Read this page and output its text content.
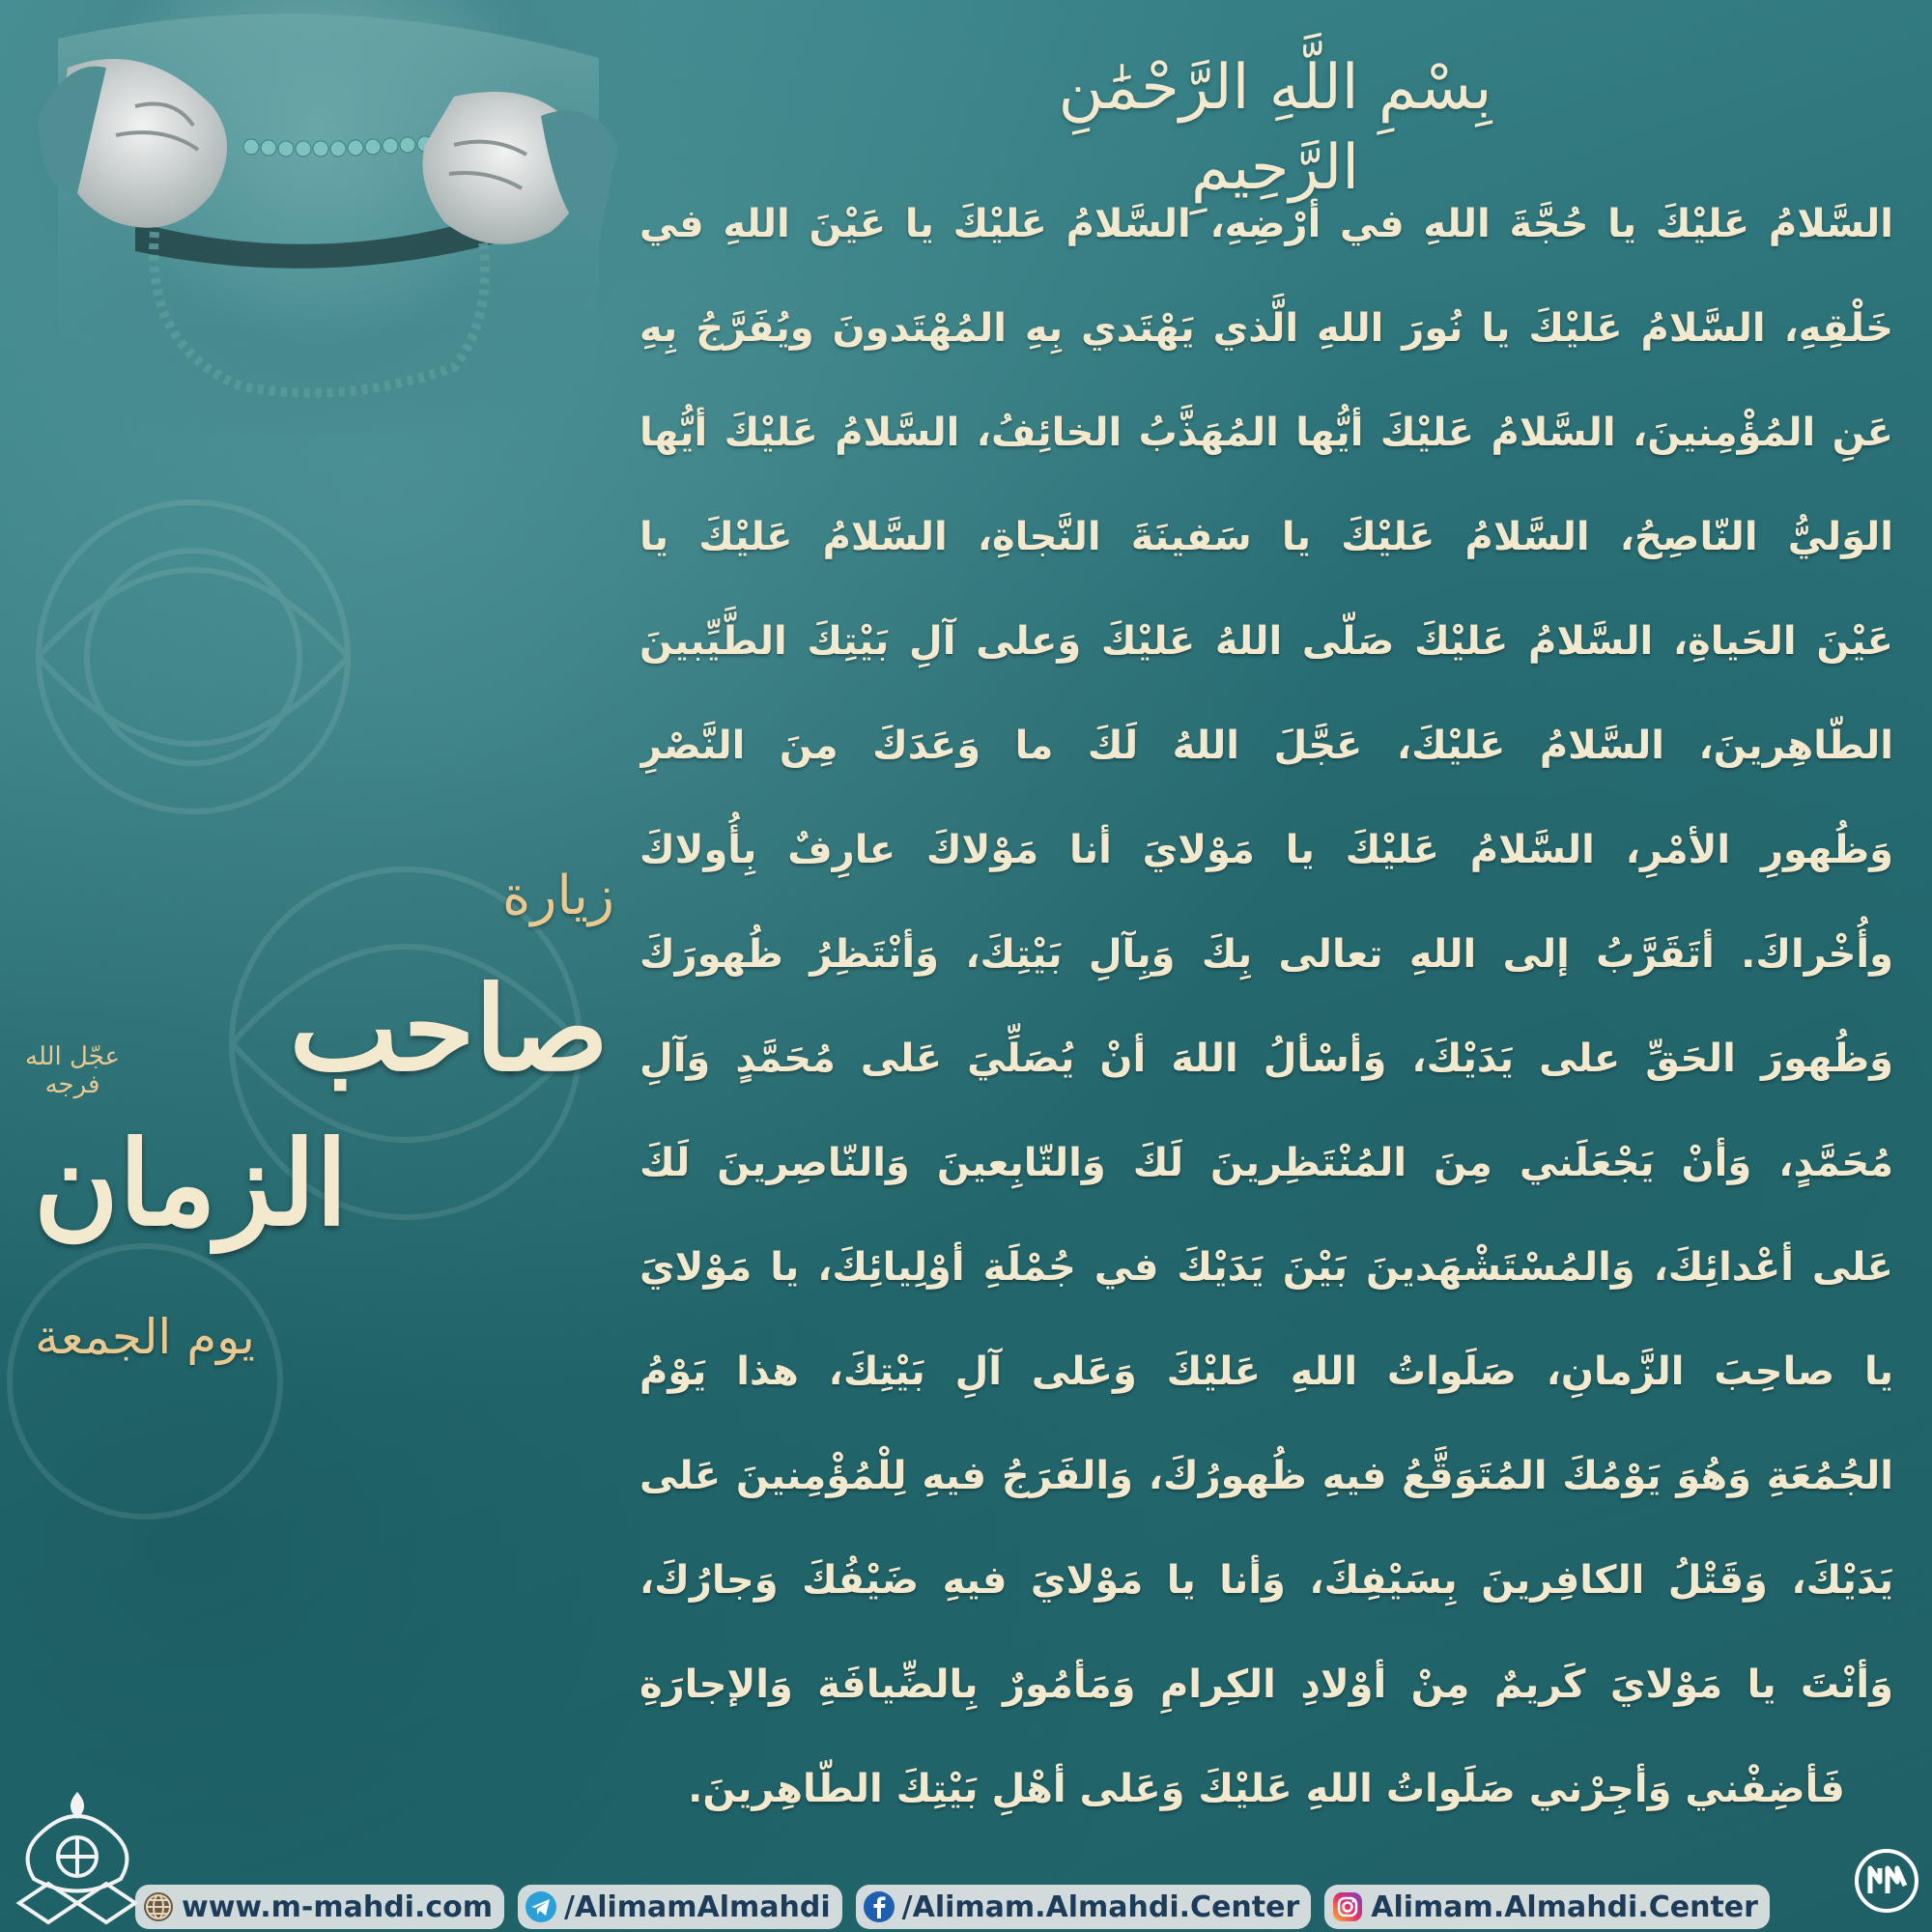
بِسْمِ اللَّهِ الرَّحْمَٰنِ الرَّحِيمِ
السَّلامُ عَليْكَ يا حُجَّةَ اللهِ في أرْضِهِ، السَّلامُ عَليْكَ يا عَيْنَ اللهِ في
خَلْقِهِ، السَّلامُ عَليْكَ يا نُورَ اللهِ الَّذي يَهْتَدي بِهِ المُهْتَدونَ ويُفَرَّجُ بِهِ
عَنِ المُؤْمِنينَ، السَّلامُ عَليْكَ أيُّها المُهَذَّبُ الخائِفُ، السَّلامُ عَليْكَ أيُّها
الوَليُّ النّاصِحُ، السَّلامُ عَليْكَ يا سَفينَةَ النَّجاةِ، السَّلامُ عَليْكَ يا
عَيْنَ الحَياةِ، السَّلامُ عَليْكَ صَلّى اللهُ عَليْكَ وَعلى آلِ بَيْتِكَ الطَّيِّبينَ
الطّاهِرينَ، السَّلامُ عَليْكَ، عَجَّلَ اللهُ لَكَ ما وَعَدَكَ مِنَ النَّصْرِ
وَظُهورِ الأمْرِ، السَّلامُ عَليْكَ يا مَوْلايَ أنا مَوْلاكَ عارِفٌ بِأُولاكَ
وأُخْراكَ. أتَقَرَّبُ إلى اللهِ تعالى بِكَ وَبِآلِ بَيْتِكَ، وَأنْتَظِرُ ظُهورَكَ
وَظُهورَ الحَقِّ على يَدَيْكَ، وَأسْألُ اللهَ أنْ يُصَلِّيَ عَلى مُحَمَّدٍ وَآلِ
مُحَمَّدٍ، وَأنْ يَجْعَلَني مِنَ المُنْتَظِرينَ لَكَ وَالتّابِعينَ وَالنّاصِرينَ لَكَ
عَلى أعْدائِكَ، وَالمُسْتَشْهَدينَ بَيْنَ يَدَيْكَ في جُمْلَةِ أوْلِيائِكَ، يا مَوْلايَ
يا صاحِبَ الزَّمانِ، صَلَواتُ اللهِ عَليْكَ وَعَلى آلِ بَيْتِكَ، هذا يَوْمُ
الجُمُعَةِ وَهُوَ يَوْمُكَ المُتَوَقَّعُ فيهِ ظُهورُكَ، وَالفَرَجُ فيهِ لِلْمُؤْمِنينَ عَلى
يَدَيْكَ، وَقَتْلُ الكافِرينَ بِسَيْفِكَ، وَأنا يا مَوْلايَ فيهِ ضَيْفُكَ وَجارُكَ،
وَأنْتَ يا مَوْلايَ كَريمٌ مِنْ أوْلادِ الكِرامِ وَمَأمُورٌ بِالضِّيافَةِ وَالإجارَةِ
فَأضِفْني وَأجِرْني صَلَواتُ اللهِ عَليْكَ وَعَلى أهْلِ بَيْتِكَ الطّاهِرينَ.
زيارة
صاحب
عجّل الله فرجه
الزمان
يوم الجمعة
www.m-mahdi.com /AlimamAlmahdi /Alimam.Almahdi.Center Alimam.Almahdi.Center
